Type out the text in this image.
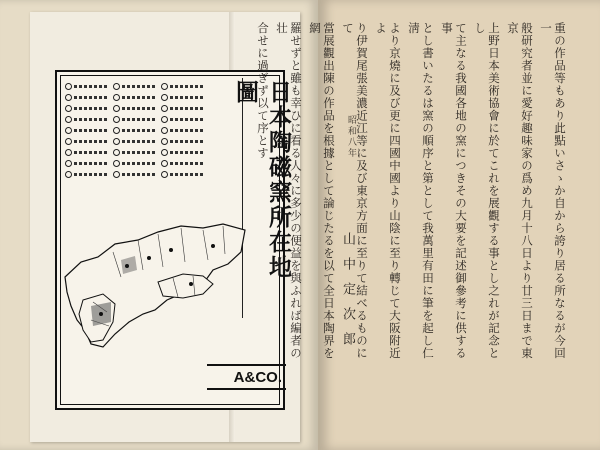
日本陶磁窯所在地圖
A&CO.
重の作品等もあり此點いさゝか自から誇り居る所なるが今回一
般研究者並に愛好趣味家の爲め九月十八日より廿三日まで東京
上野日本美術協會に於てこれを展觀する事とし之れが記念とし
て主なる我國各地の窯につきその大要を記述御參考に供する事
とし書いたるは窯の順序と第として我萬里有田に筆を起し仁淸
より京燒に及び更に四國中國より山陰に至り轉じて大阪附近よ
り伊賀尾張美濃近江等に及び東京方面に至りて結べるものにて
當展觀出陳の作品を根據として論じたるを以て全日本陶界を網
羅せずと雖も幸ひに看る人々に多少の便益を與ふれば編者の壮
合せに過ぎず以て序とす	昭和八年
山中定次郎
